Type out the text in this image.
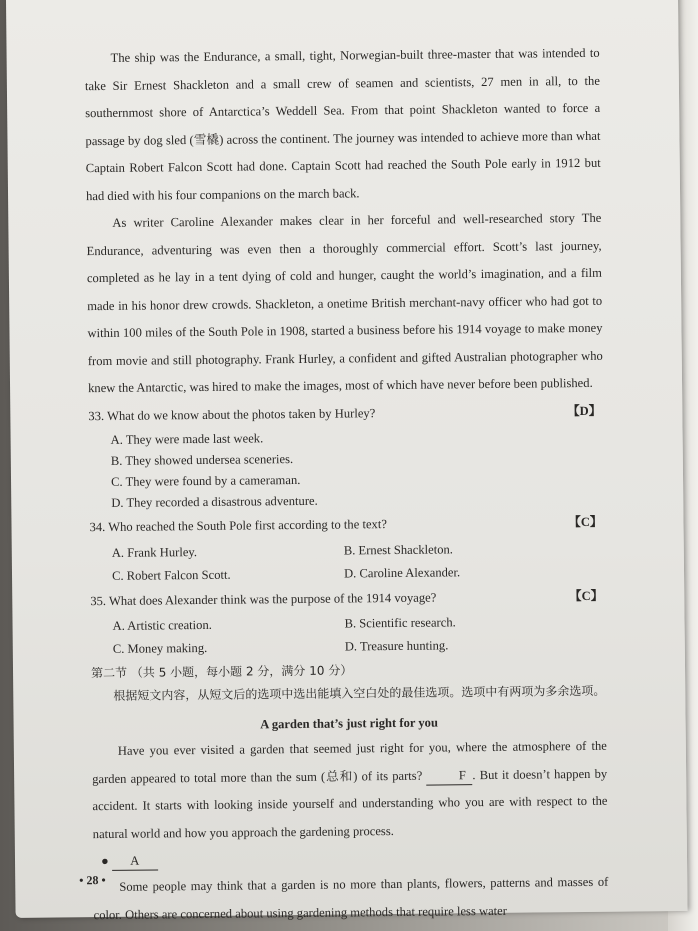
The ship was the Endurance, a small, tight, Norwegian-built three-master that was intended to take Sir Ernest Shackleton and a small crew of seamen and scientists, 27 men in all, to the southernmost shore of Antarctica’s Weddell Sea. From that point Shackleton wanted to force a passage by dog sled (雪橇) across the continent. The journey was intended to achieve more than what Captain Robert Falcon Scott had done. Captain Scott had reached the South Pole early in 1912 but had died with his four companions on the march back.

As writer Caroline Alexander makes clear in her forceful and well-researched story The Endurance, adventuring was even then a thoroughly commercial effort. Scott’s last journey, completed as he lay in a tent dying of cold and hunger, caught the world’s imagination, and a film made in his honor drew crowds. Shackleton, a onetime British merchant-navy officer who had got to within 100 miles of the South Pole in 1908, started a business before his 1914 voyage to make money from movie and still photography. Frank Hurley, a confident and gifted Australian photographer who knew the Antarctic, was hired to make the images, most of which have never before been published.

33. What do we know about the photos taken by Hurley?	【D】

A. They were made last week.

B. They showed undersea sceneries.

C. They were found by a cameraman.

D. They recorded a disastrous adventure.

34. Who reached the South Pole first according to the text?	【C】

A. Frank Hurley.	B. Ernest Shackleton.
C. Robert Falcon Scott.	D. Caroline Alexander.

35. What does Alexander think was the purpose of the 1914 voyage?	【C】

A. Artistic creation.	B. Scientific research.
C. Money making.	D. Treasure hunting.

第二节 （共 5 小题，每小题 2 分，满分 10 分）

根据短文内容，从短文后的选项中选出能填入空白处的最佳选项。选项中有两项为多余选项。

A garden that’s just right for you

Have you ever visited a garden that seemed just right for you, where the atmosphere of the garden appeared to total more than the sum (总和) of its parts?	F . But it doesn’t happen by accident. It starts with looking inside yourself and understanding who you are with respect to the natural world and how you approach the gardening process.

● A

Some people may think that a garden is no more than plants, flowers, patterns and masses of color. Others are concerned about using gardening methods that require less water

• 28 •
